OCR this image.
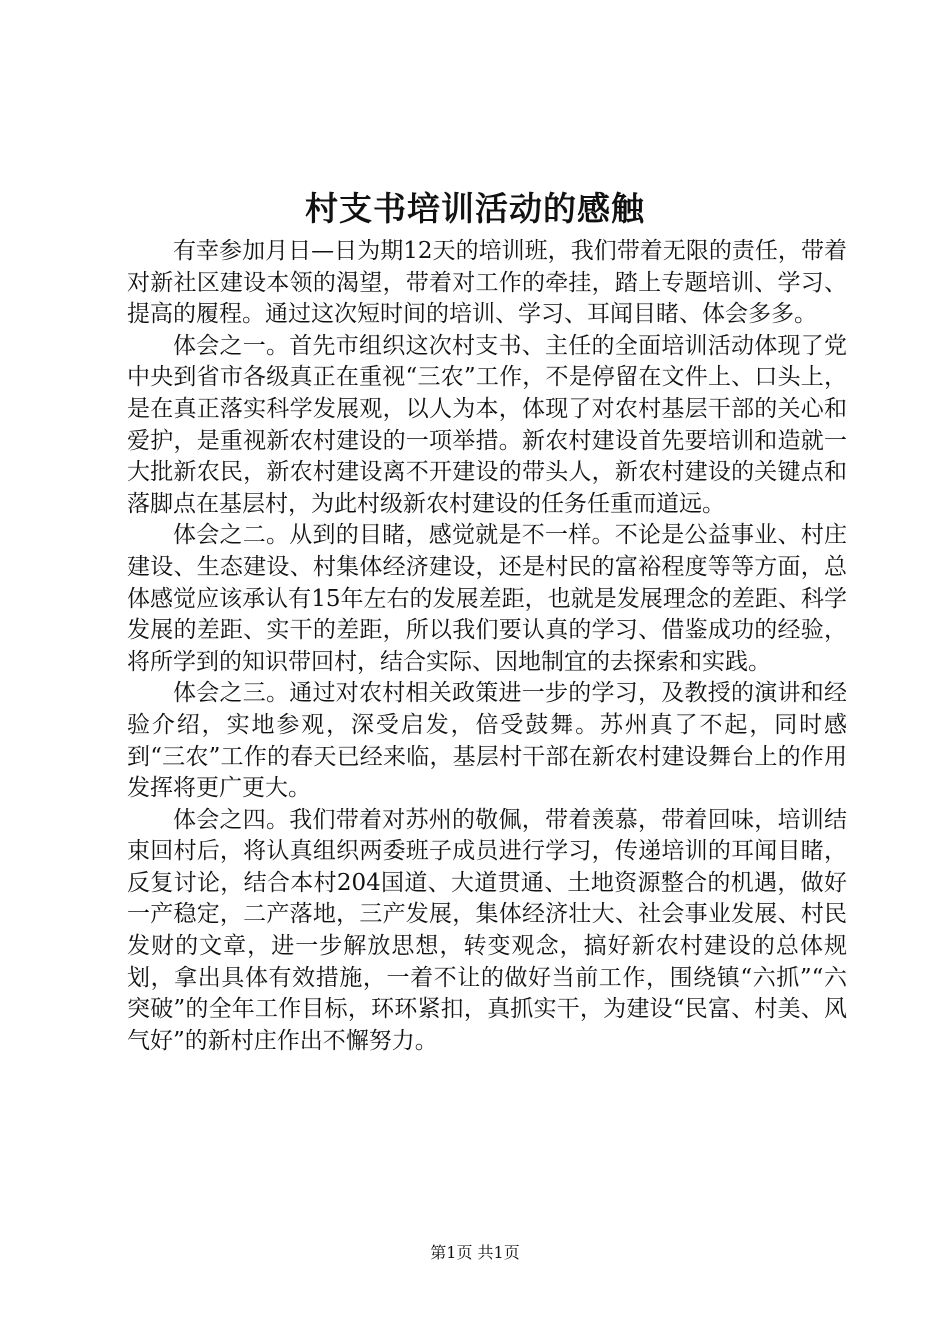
村支书培训活动的感触

有幸参加月日—日为期12天的培训班，我们带着无限的责任，带着对新社区建设本领的渴望，带着对工作的牵挂，踏上专题培训、学习、提高的履程。通过这次短时间的培训、学习、耳闻目睹、体会多多。

体会之一。首先市组织这次村支书、主任的全面培训活动体现了党中央到省市各级真正在重视“三农”工作，不是停留在文件上、口头上，是在真正落实科学发展观，以人为本，体现了对农村基层干部的关心和爱护，是重视新农村建设的一项举措。新农村建设首先要培训和造就一大批新农民，新农村建设离不开建设的带头人，新农村建设的关键点和落脚点在基层村，为此村级新农村建设的任务任重而道远。

体会之二。从到的目睹，感觉就是不一样。不论是公益事业、村庄建设、生态建设、村集体经济建设，还是村民的富裕程度等等方面，总体感觉应该承认有15年左右的发展差距，也就是发展理念的差距、科学发展的差距、实干的差距，所以我们要认真的学习、借鉴成功的经验，将所学到的知识带回村，结合实际、因地制宜的去探索和实践。

体会之三。通过对农村相关政策进一步的学习，及教授的演讲和经验介绍，实地参观，深受启发，倍受鼓舞。苏州真了不起，同时感到“三农”工作的春天已经来临，基层村干部在新农村建设舞台上的作用发挥将更广更大。

体会之四。我们带着对苏州的敬佩，带着羡慕，带着回味，培训结束回村后，将认真组织两委班子成员进行学习，传递培训的耳闻目睹，反复讨论，结合本村204国道、大道贯通、土地资源整合的机遇，做好一产稳定，二产落地，三产发展，集体经济壮大、社会事业发展、村民发财的文章，进一步解放思想，转变观念，搞好新农村建设的总体规划，拿出具体有效措施，一着不让的做好当前工作，围绕镇“六抓”“六突破”的全年工作目标，环环紧扣，真抓实干，为建设“民富、村美、风气好”的新村庄作出不懈努力。

第1页 共1页
